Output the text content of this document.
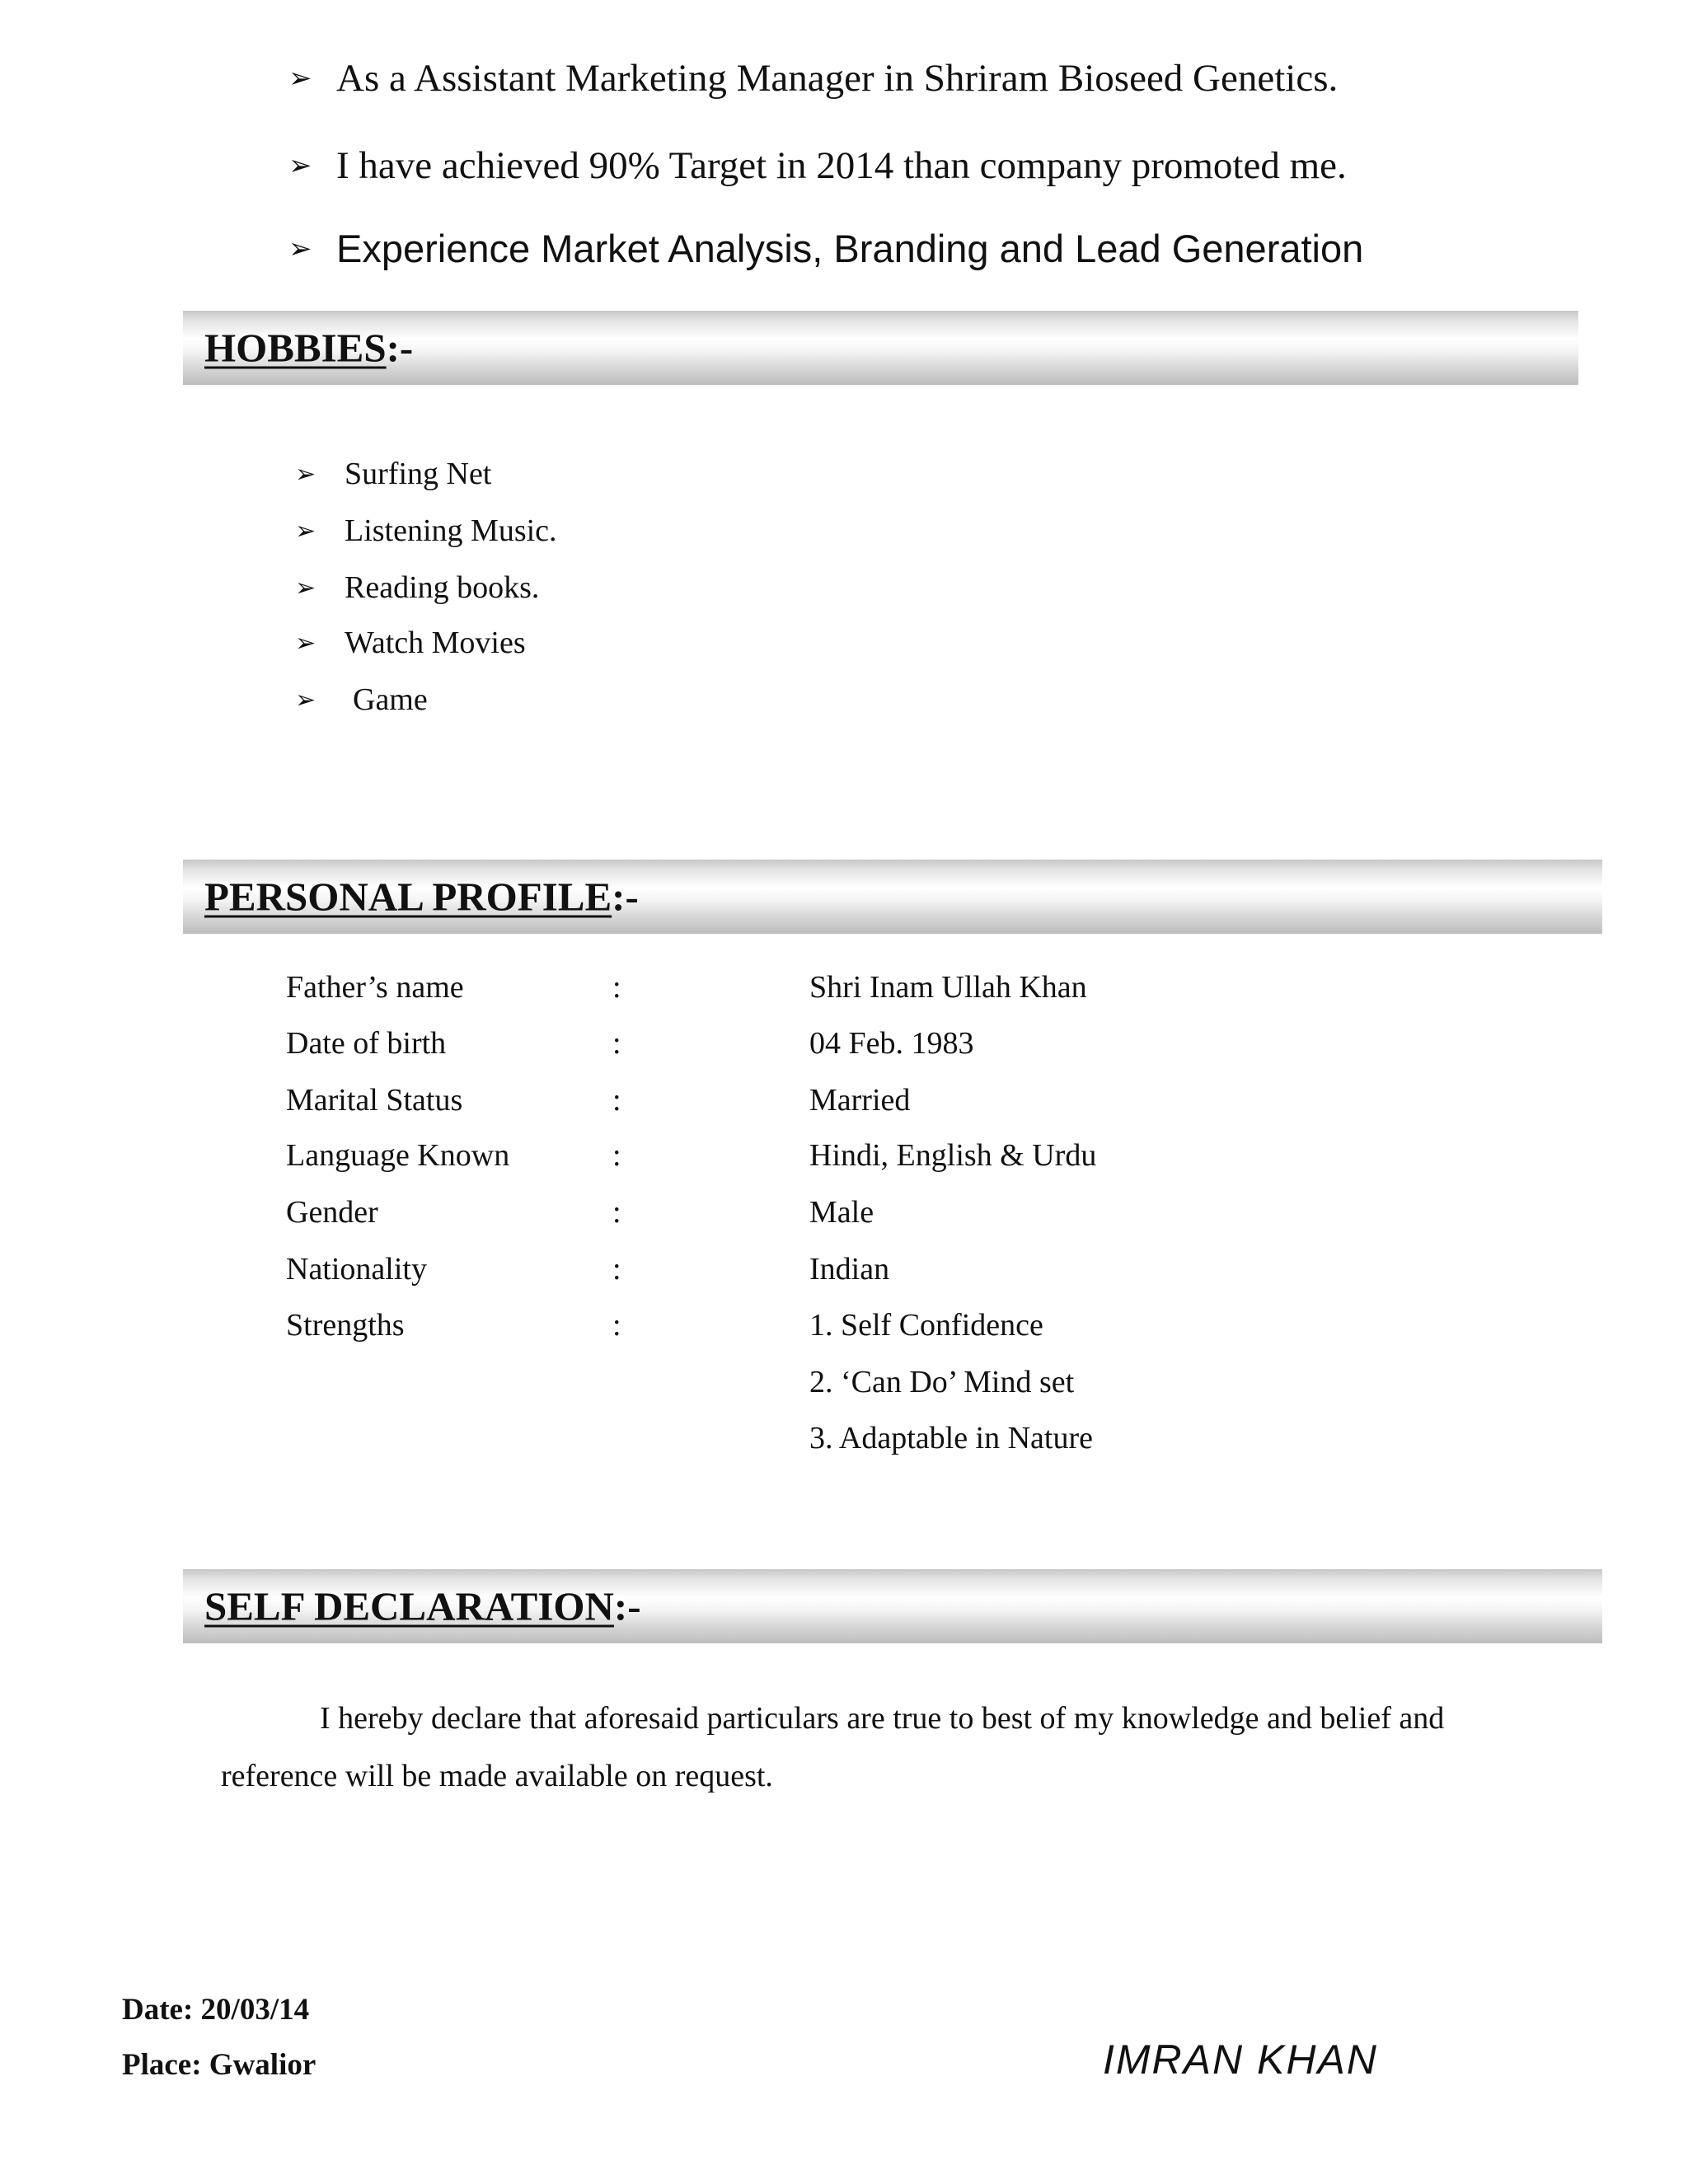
➢ As a Assistant Marketing Manager in Shriram Bioseed Genetics.
➢ I have achieved 90% Target in 2014 than company promoted me.
➢ Experience Market Analysis, Branding and Lead Generation
HOBBIES:-
➢ Surfing Net
➢ Listening Music.
➢ Reading books.
➢ Watch Movies
➢	Game
PERSONAL PROFILE:-
Father’s name	:	Shri Inam Ullah Khan
Date of birth	:	04 Feb. 1983
Marital Status	:	Married
Language Known	:	Hindi, English & Urdu
Gender	:	Male
Nationality	:	Indian
Strengths	:	1. Self Confidence
2. ‘Can Do’ Mind set
3. Adaptable in Nature
SELF DECLARATION:-
I hereby declare that aforesaid particulars are true to best of my knowledge and belief and
reference will be made available on request.
Date: 20/03/14
Place: Gwalior	IMRAN KHAN
